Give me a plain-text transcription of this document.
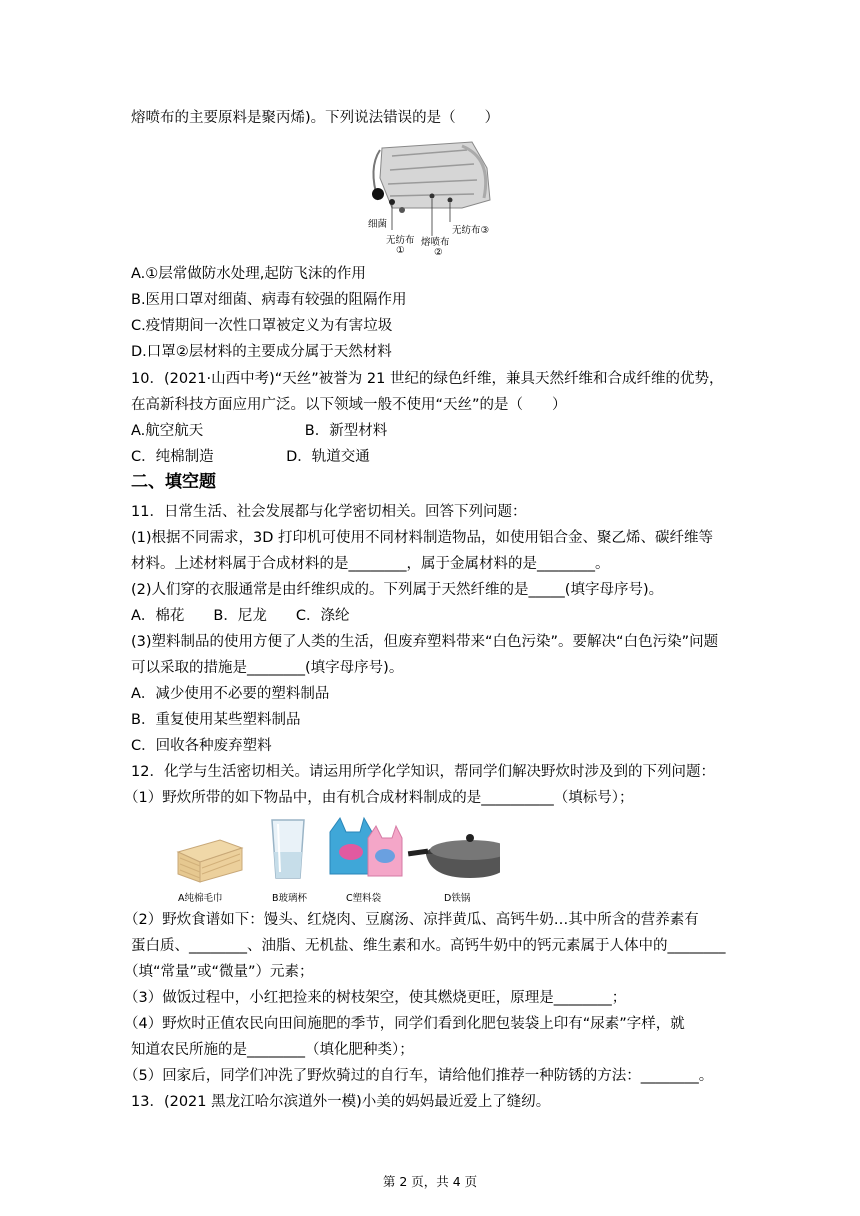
熔喷布的主要原料是聚丙烯)。下列说法错误的是（　　）
细菌
无纺布
①
熔喷布
②
无纺布③
A.①层常做防水处理,起防飞沫的作用
B.医用口罩对细菌、病毒有较强的阻隔作用
C.疫情期间一次性口罩被定义为有害垃圾
D.口罩②层材料的主要成分属于天然材料
10．(2021·山西中考)“天丝”被誉为 21 世纪的绿色纤维，兼具天然纤维和合成纤维的优势，
在高新科技方面应用广泛。以下领域一般不使用“天丝”的是（　　）
A.航空航天　　　　　　　B．新型材料
C．纯棉制造　　　　　D．轨道交通
二、填空题
11．日常生活、社会发展都与化学密切相关。回答下列问题：
(1)根据不同需求，3D 打印机可使用不同材料制造物品，如使用铝合金、聚乙烯、碳纤维等
材料。上述材料属于合成材料的是________，属于金属材料的是________。
(2)人们穿的衣服通常是由纤维织成的。下列属于天然纤维的是_____(填字母序号)。
A．棉花　　B．尼龙　　C．涤纶
(3)塑料制品的使用方便了人类的生活，但废弃塑料带来“白色污染”。要解决“白色污染”问题
可以采取的措施是________(填字母序号)。
A．减少使用不必要的塑料制品
B．重复使用某些塑料制品
C．回收各种废弃塑料
12．化学与生活密切相关。请运用所学化学知识，帮同学们解决野炊时涉及到的下列问题：
（1）野炊所带的如下物品中，由有机合成材料制成的是__________（填标号）；
A纯棉毛巾	B玻璃杯	C塑料袋	D铁锅
（2）野炊食谱如下：馒头、红烧肉、豆腐汤、凉拌黄瓜、高钙牛奶…其中所含的营养素有
蛋白质、________、油脂、无机盐、维生素和水。高钙牛奶中的钙元素属于人体中的________
（填“常量”或“微量”）元素；
（3）做饭过程中，小红把捡来的树枝架空，使其燃烧更旺，原理是________；
（4）野炊时正值农民向田间施肥的季节，同学们看到化肥包装袋上印有“尿素”字样，就
知道农民所施的是________（填化肥种类）；
（5）回家后，同学们冲洗了野炊骑过的自行车，请给他们推荐一种防锈的方法：________。
13．(2021 黑龙江哈尔滨道外一模)小美的妈妈最近爱上了缝纫。
第 2 页，共 4 页
